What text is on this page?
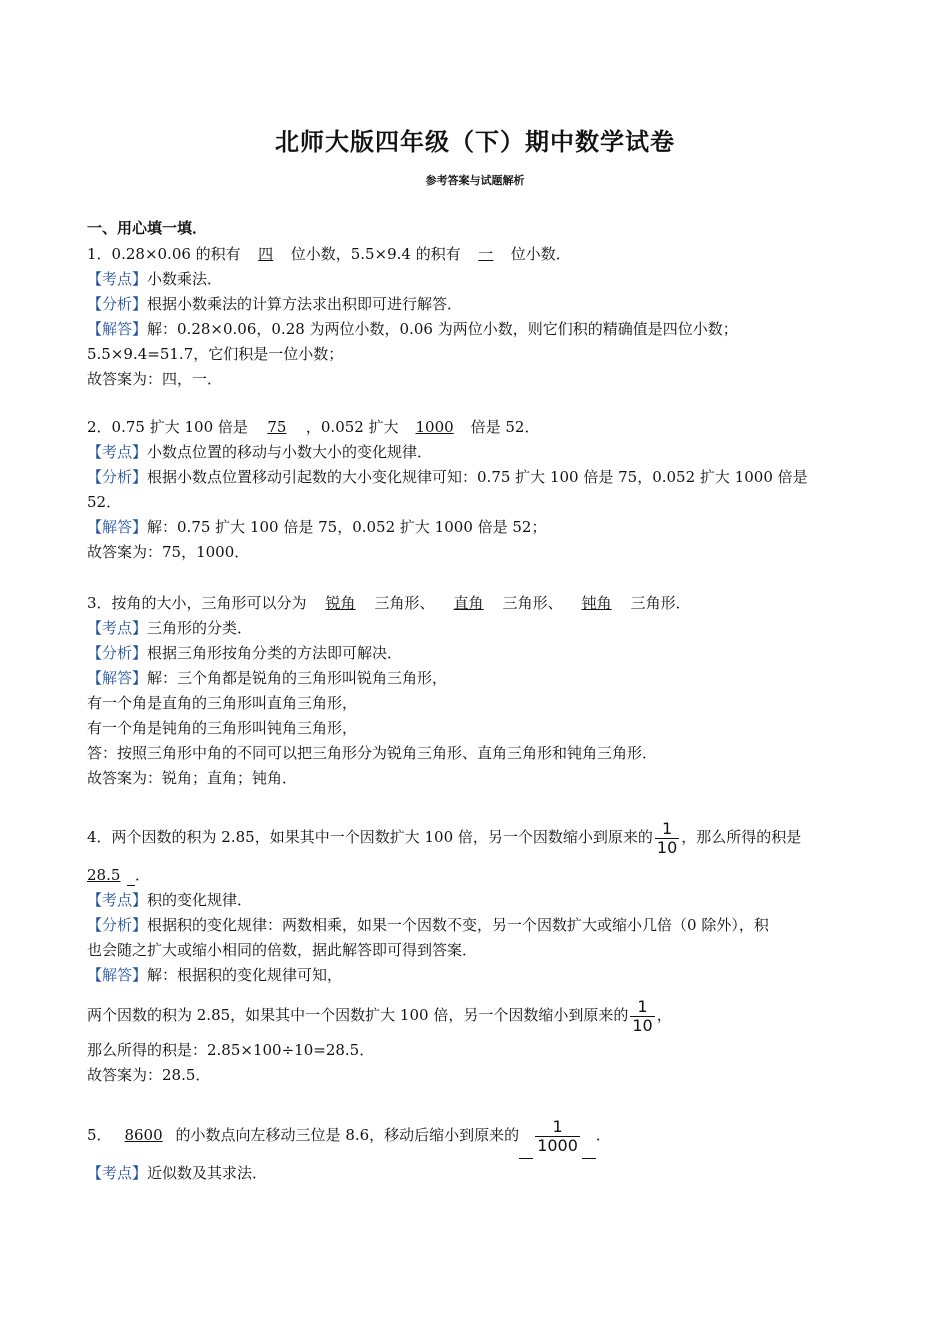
北师大版四年级（下）期中数学试卷
参考答案与试题解析
一、用心填一填．
1．0.28×0.06 的积有 四 位小数，5.5×9.4 的积有 一 位小数．
【考点】小数乘法．
【分析】根据小数乘法的计算方法求出积即可进行解答．
【解答】解：0.28×0.06，0.28 为两位小数，0.06 为两位小数，则它们积的精确值是四位小数；
5.5×9.4=51.7，它们积是一位小数；
故答案为：四，一．
2．0.75 扩大 100 倍是 75 ，0.052 扩大 1000 倍是 52．
【考点】小数点位置的移动与小数大小的变化规律．
【分析】根据小数点位置移动引起数的大小变化规律可知：0.75 扩大 100 倍是 75，0.052 扩大 1000 倍是
52．
【解答】解：0.75 扩大 100 倍是 75，0.052 扩大 1000 倍是 52；
故答案为：75，1000．
3．按角的大小，三角形可以分为 锐角 三角形、 直角 三角形、 钝角 三角形．
【考点】三角形的分类．
【分析】根据三角形按角分类的方法即可解决．
【解答】解：三个角都是锐角的三角形叫锐角三角形，
有一个角是直角的三角形叫直角三角形，
有一个角是钝角的三角形叫钝角三角形，
答：按照三角形中角的不同可以把三角形分为锐角三角形、直角三角形和钝角三角形．
故答案为：锐角；直角；钝角．
4．两个因数的积为 2.85，如果其中一个因数扩大 100 倍，另一个因数缩小到原来的 $\frac{1}{10}$ ，那么所得的积是
28.5 ．
【考点】积的变化规律．
【分析】根据积的变化规律：两数相乘，如果一个因数不变，另一个因数扩大或缩小几倍（0 除外），积
也会随之扩大或缩小相同的倍数，据此解答即可得到答案．
【解答】解：根据积的变化规律可知，
两个因数的积为 2.85，如果其中一个因数扩大 100 倍，另一个因数缩小到原来的 $\frac{1}{10}$ ，
那么所得的积是：2.85×100÷10=28.5．
故答案为：28.5．
5． 8600 的小数点向左移动三位是 8.6，移动后缩小到原来的 $\frac{1}{1000}$ ．
【考点】近似数及其求法．
